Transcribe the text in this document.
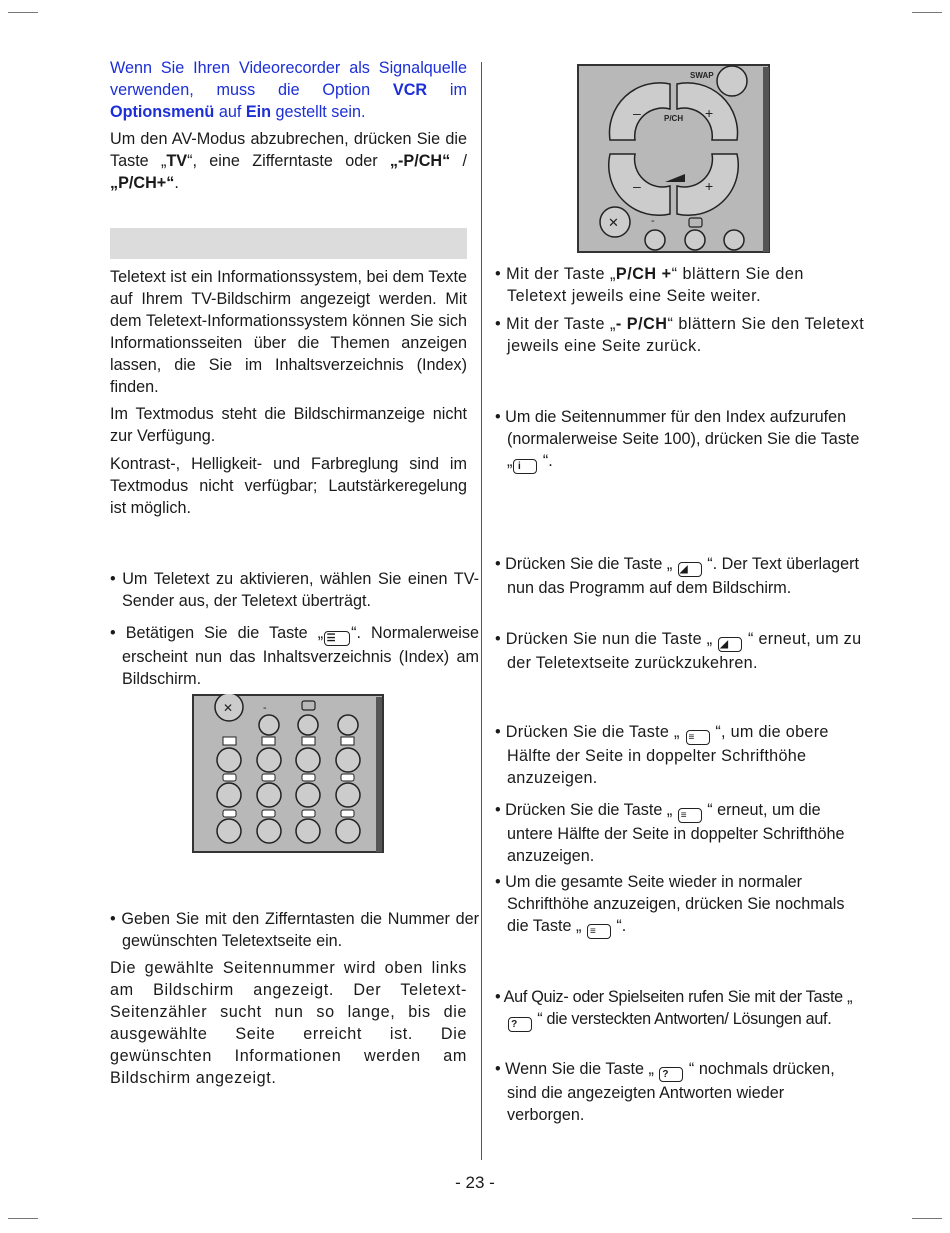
Wenn Sie Ihren Videorecorder als Signalquelle verwenden, muss die Option VCR im Optionsmenü auf Ein gestellt sein.

Um den AV-Modus abzubrechen, drücken Sie die Taste „TV“, eine Zifferntaste oder „-P/CH“ / „P/CH+“.

Teletext ist ein Informationssystem, bei dem Texte auf Ihrem TV-Bildschirm angezeigt werden. Mit dem Teletext-Informationssystem können Sie sich Informationsseiten über die Themen anzeigen lassen, die Sie im Inhaltsverzeichnis (Index) finden.

Im Textmodus steht die Bildschirmanzeige nicht zur Verfügung.

Kontrast-, Helligkeit- und Farbreglung sind im Textmodus nicht verfügbar; Lautstärkeregelung ist möglich.

• Um Teletext zu aktivieren, wählen Sie einen TV-Sender aus, der Teletext überträgt.

• Betätigen Sie die Taste „ ☰ “. Normalerweise erscheint nun das Inhaltsverzeichnis (Index) am Bildschirm.

✕	-

• Geben Sie mit den Zifferntasten die Nummer der gewünschten Teletextseite ein.

Die gewählte Seitennummer wird oben links am Bildschirm angezeigt. Der Teletext-Seitenzähler sucht nun so lange, bis die ausgewählte Seite erreicht ist. Die gewünschten Informationen werden am Bildschirm angezeigt.

SWAP
–	+
P/CH
–	+
✕	-

• Mit der Taste „P/CH +“ blättern Sie den Teletext jeweils eine Seite weiter.

• Mit der Taste „- P/CH“ blättern Sie den Teletext jeweils eine Seite zurück.

• Um die Seitennummer für den Index aufzurufen (normalerweise Seite 100), drücken Sie die Taste „ i “.

• Drücken Sie die Taste „ ◢ “. Der Text überlagert nun das Programm auf dem Bildschirm.

• Drücken Sie nun die Taste „ ◢ “ erneut, um zu der Teletextseite zurückzukehren.

• Drücken Sie die Taste „ ≡ “, um die obere Hälfte der Seite in doppelter Schrifthöhe anzuzeigen.

• Drücken Sie die Taste „ ≡ “ erneut, um die untere Hälfte der Seite in doppelter Schrifthöhe anzuzeigen.

• Um die gesamte Seite wieder in normaler Schrifthöhe anzuzeigen, drücken Sie nochmals die Taste „ ≡ “.

• Auf Quiz- oder Spielseiten rufen Sie mit der Taste „ ? “ die versteckten Antworten/ Lösungen auf.

• Wenn Sie die Taste „ ? “ nochmals drücken, sind die angezeigten Antworten wieder verborgen.

- 23 -
